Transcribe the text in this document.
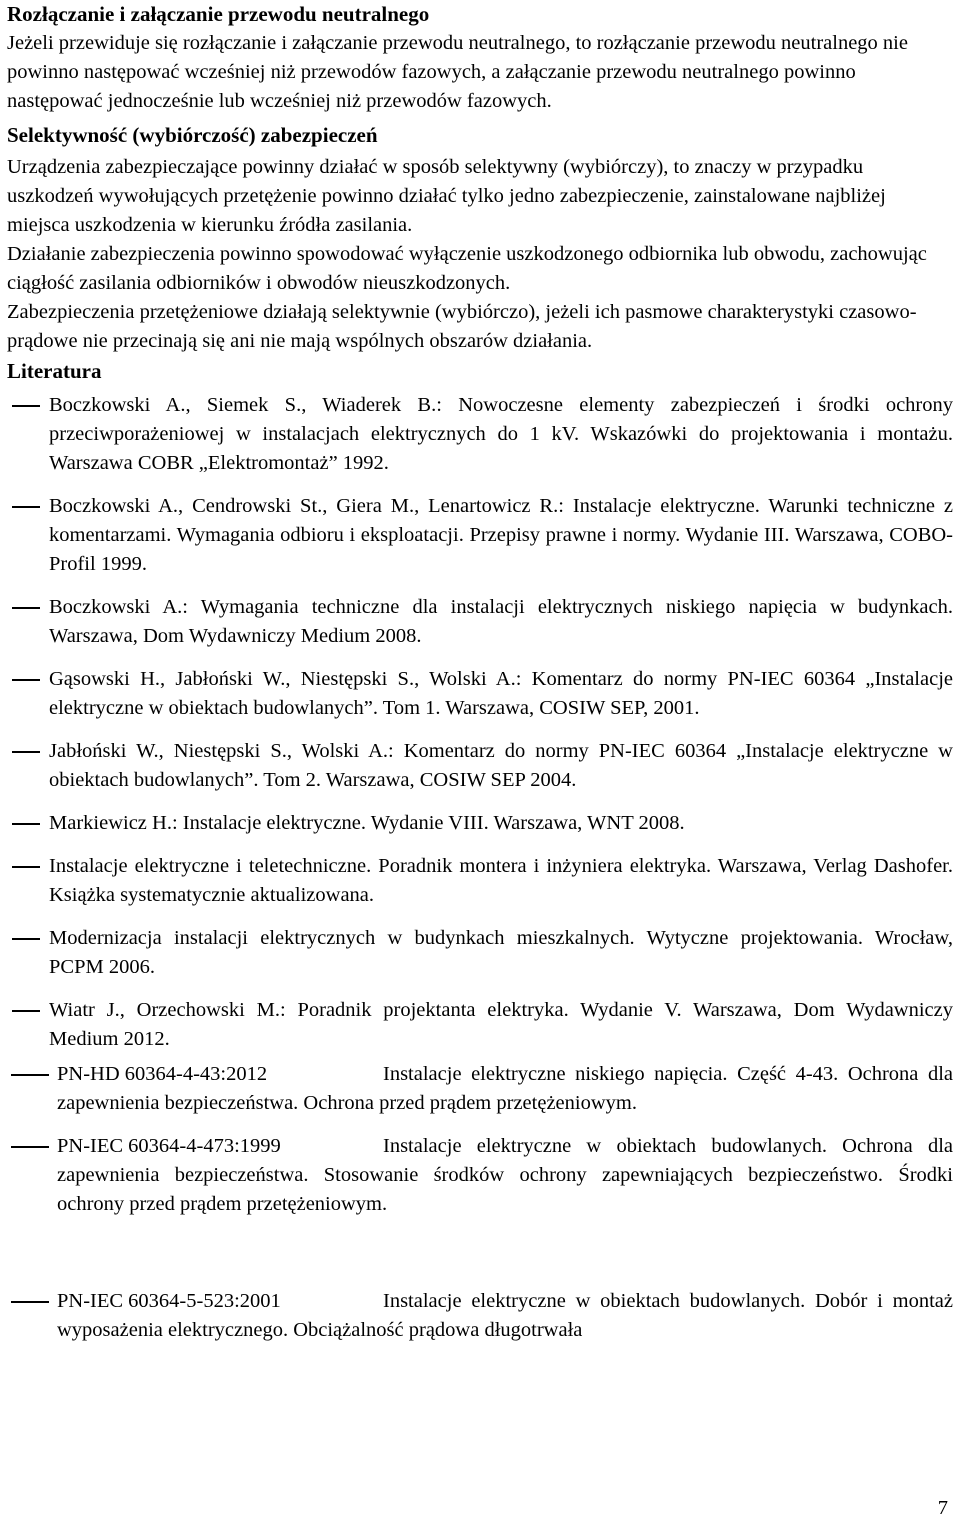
Rozłączanie i załączanie przewodu neutralnego

Jeżeli przewiduje się rozłączanie i załączanie przewodu neutralnego, to rozłączanie przewodu neutralnego nie powinno następować wcześniej niż przewodów fazowych, a załączanie przewodu neutralnego powinno następować jednocześnie lub wcześniej niż przewodów fazowych.

Selektywność (wybiórczość) zabezpieczeń

Urządzenia zabezpieczające powinny działać w sposób selektywny (wybiórczy), to znaczy w przypadku uszkodzeń wywołujących przetężenie powinno działać tylko jedno zabezpieczenie, zainstalowane najbliżej miejsca uszkodzenia w kierunku źródła zasilania.

Działanie zabezpieczenia powinno spowodować wyłączenie uszkodzonego odbiornika lub obwodu, zachowując ciągłość zasilania odbiorników i obwodów nieuszkodzonych.

Zabezpieczenia przetężeniowe działają selektywnie (wybiórczo), jeżeli ich pasmowe charakterystyki czasowo-prądowe nie przecinają się ani nie mają wspólnych obszarów działania.

Literatura
Boczkowski A., Siemek S., Wiaderek B.: Nowoczesne elementy zabezpieczeń i środki ochrony przeciwporażeniowej w instalacjach elektrycznych do 1 kV. Wskazówki do projektowania i montażu. Warszawa COBR „Elektromontaż” 1992.
Boczkowski A., Cendrowski St., Giera M., Lenartowicz R.: Instalacje elektryczne. Warunki techniczne z komentarzami. Wymagania odbioru i eksploatacji. Przepisy prawne i normy. Wydanie III. Warszawa, COBO-Profil 1999.
Boczkowski A.: Wymagania techniczne dla instalacji elektrycznych niskiego napięcia w budynkach. Warszawa, Dom Wydawniczy Medium 2008.
Gąsowski H., Jabłoński W., Niestępski S., Wolski A.: Komentarz do normy PN-IEC 60364 „Instalacje elektryczne w obiektach budowlanych”. Tom 1. Warszawa, COSIW SEP, 2001.
Jabłoński W., Niestępski S., Wolski A.: Komentarz do normy PN-IEC 60364 „Instalacje elektryczne w obiektach budowlanych”. Tom 2. Warszawa, COSIW SEP 2004.
Markiewicz H.: Instalacje elektryczne. Wydanie VIII. Warszawa, WNT 2008.
Instalacje elektryczne i teletechniczne. Poradnik montera i inżyniera elektryka. Warszawa, Verlag Dashofer. Książka systematycznie aktualizowana.
Modernizacja instalacji elektrycznych w budynkach mieszkalnych. Wytyczne projektowania. Wrocław, PCPM 2006.
Wiatr J., Orzechowski M.: Poradnik projektanta elektryka. Wydanie V. Warszawa, Dom Wydawniczy Medium 2012.
PN-HD 60364-4-43:2012	Instalacje elektryczne niskiego napięcia. Część 4-43. Ochrona dla zapewnienia bezpieczeństwa. Ochrona przed prądem przetężeniowym.
PN-IEC 60364-4-473:1999	Instalacje elektryczne w obiektach budowlanych. Ochrona dla zapewnienia bezpieczeństwa. Stosowanie środków ochrony zapewniających bezpieczeństwo. Środki ochrony przed prądem przetężeniowym.
PN-IEC 60364-5-523:2001	Instalacje elektryczne w obiektach budowlanych. Dobór i montaż wyposażenia elektrycznego. Obciążalność prądowa długotrwała
7
